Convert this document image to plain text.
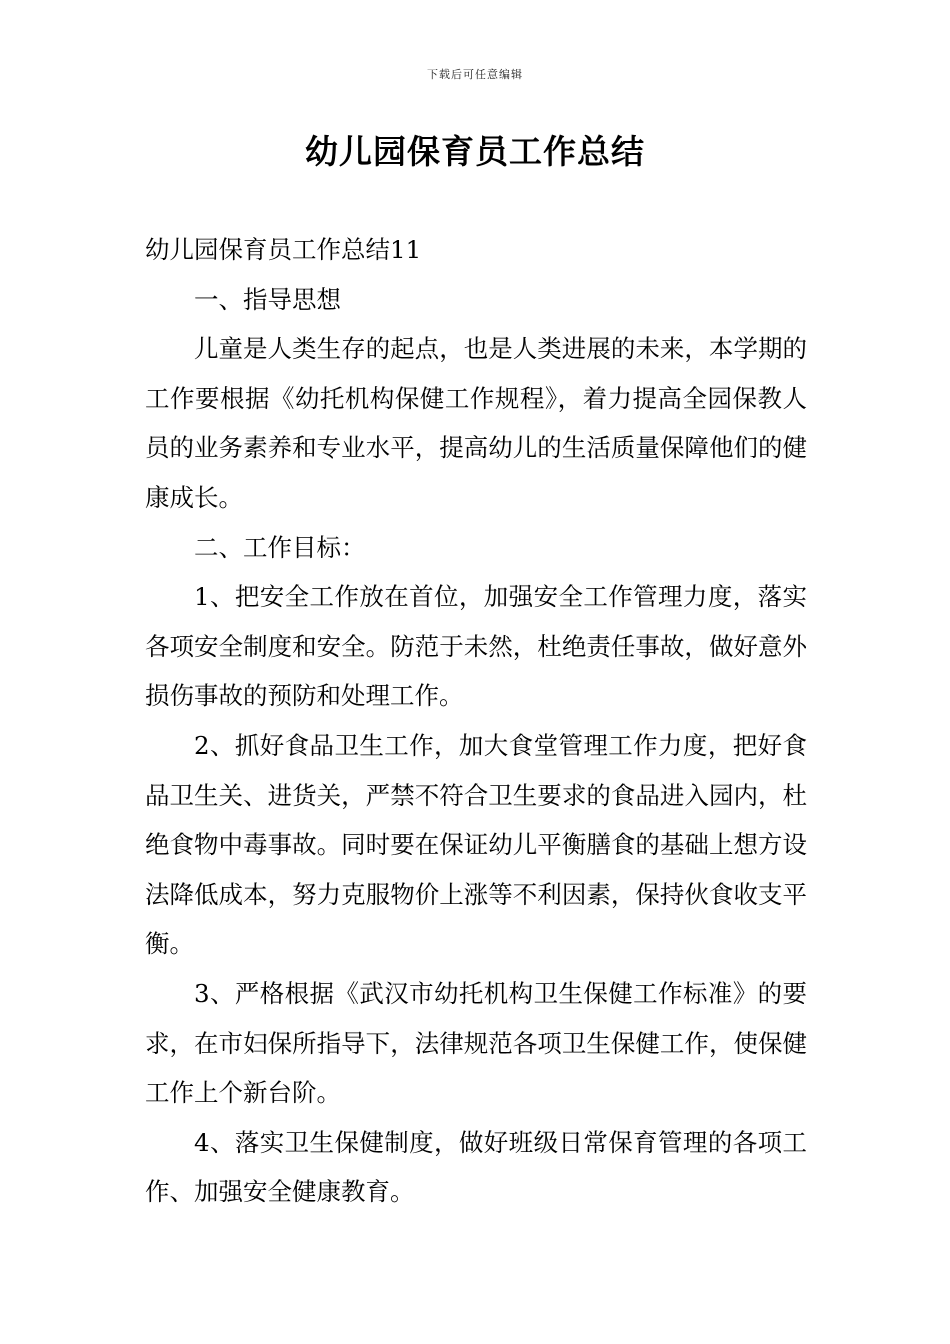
下载后可任意编辑
幼儿园保育员工作总结

幼儿园保育员工作总结11

一、指导思想

儿童是人类生存的起点，也是人类进展的未来，本学期的工作要根据《幼托机构保健工作规程》，着力提高全园保教人员的业务素养和专业水平，提高幼儿的生活质量保障他们的健康成长。

二、工作目标：

1、把安全工作放在首位，加强安全工作管理力度，落实各项安全制度和安全。防范于未然，杜绝责任事故，做好意外损伤事故的预防和处理工作。

2、抓好食品卫生工作，加大食堂管理工作力度，把好食品卫生关、进货关，严禁不符合卫生要求的食品进入园内，杜绝食物中毒事故。同时要在保证幼儿平衡膳食的基础上想方设法降低成本，努力克服物价上涨等不利因素，保持伙食收支平衡。

3、严格根据《武汉市幼托机构卫生保健工作标准》的要求，在市妇保所指导下，法律规范各项卫生保健工作，使保健工作上个新台阶。

4、落实卫生保健制度，做好班级日常保育管理的各项工作、加强安全健康教育。
